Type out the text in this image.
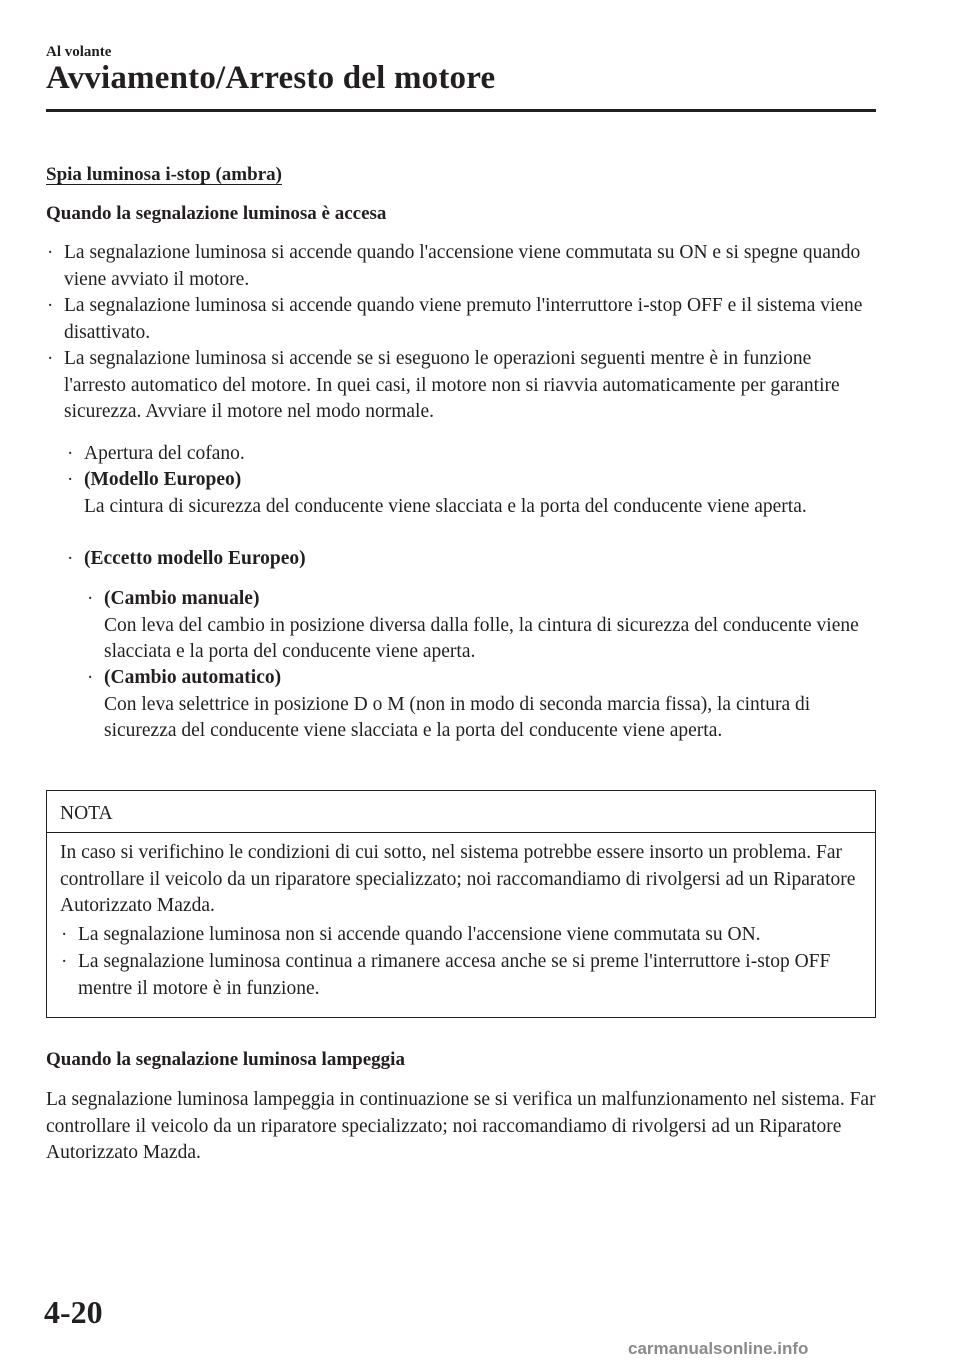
Al volante
Avviamento/Arresto del motore
Spia luminosa i-stop (ambra)
Quando la segnalazione luminosa è accesa
· La segnalazione luminosa si accende quando l'accensione viene commutata su ON e si spegne quando viene avviato il motore.
· La segnalazione luminosa si accende quando viene premuto l'interruttore i-stop OFF e il sistema viene disattivato.
· La segnalazione luminosa si accende se si eseguono le operazioni seguenti mentre è in funzione l'arresto automatico del motore. In quei casi, il motore non si riavvia automaticamente per garantire sicurezza. Avviare il motore nel modo normale.
· Apertura del cofano.
· (Modello Europeo)
La cintura di sicurezza del conducente viene slacciata e la porta del conducente viene aperta.
· (Eccetto modello Europeo)
· (Cambio manuale)
Con leva del cambio in posizione diversa dalla folle, la cintura di sicurezza del conducente viene slacciata e la porta del conducente viene aperta.
· (Cambio automatico)
Con leva selettrice in posizione D o M (non in modo di seconda marcia fissa), la cintura di sicurezza del conducente viene slacciata e la porta del conducente viene aperta.
NOTA
In caso si verifichino le condizioni di cui sotto, nel sistema potrebbe essere insorto un problema. Far controllare il veicolo da un riparatore specializzato; noi raccomandiamo di rivolgersi ad un Riparatore Autorizzato Mazda.
· La segnalazione luminosa non si accende quando l'accensione viene commutata su ON.
· La segnalazione luminosa continua a rimanere accesa anche se si preme l'interruttore i-stop OFF mentre il motore è in funzione.
Quando la segnalazione luminosa lampeggia
La segnalazione luminosa lampeggia in continuazione se si verifica un malfunzionamento nel sistema. Far controllare il veicolo da un riparatore specializzato; noi raccomandiamo di rivolgersi ad un Riparatore Autorizzato Mazda.
4-20
carmanualsonline.info
